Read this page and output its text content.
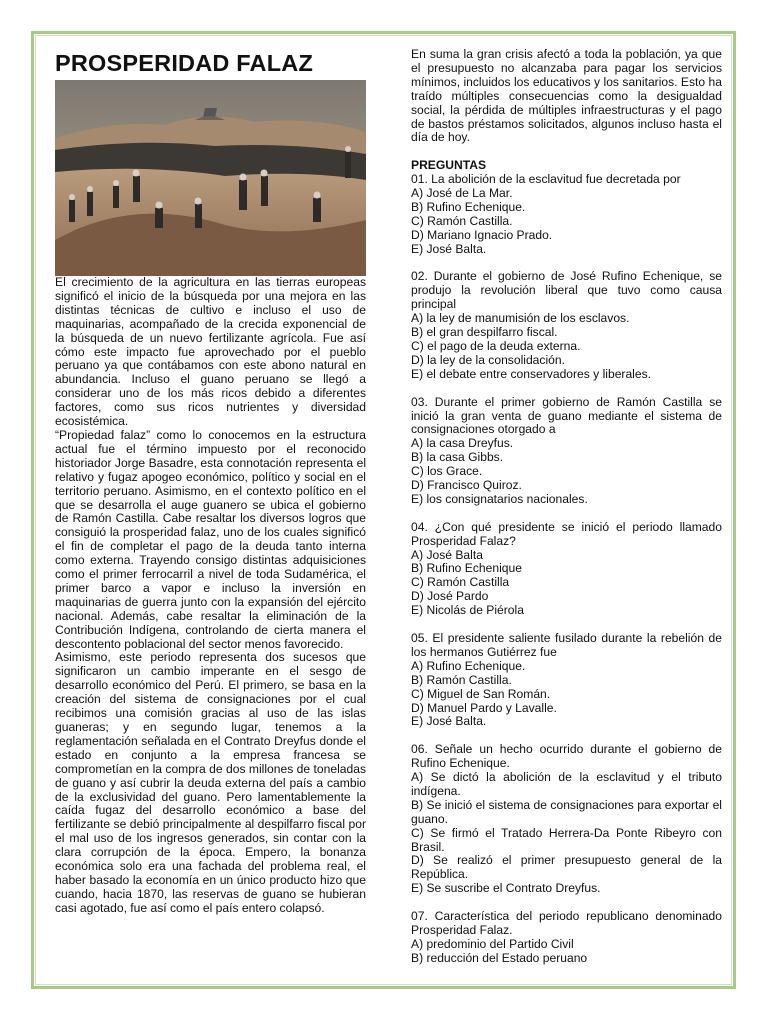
PROSPERIDAD FALAZ

El crecimiento de la agricultura en las tierras europeas significó el inicio de la búsqueda por una mejora en las distintas técnicas de cultivo e incluso el uso de maquinarias, acompañado de la crecida exponencial de la búsqueda de un nuevo fertilizante agrícola. Fue así cómo este impacto fue aprovechado por el pueblo peruano ya que contábamos con este abono natural en abundancia. Incluso el guano peruano se llegó a considerar uno de los más ricos debido a diferentes factores, como sus ricos nutrientes y diversidad ecosistémica.

“Propiedad falaz” como lo conocemos en la estructura actual fue el término impuesto por el reconocido historiador Jorge Basadre, esta connotación representa el relativo y fugaz apogeo económico, político y social en el territorio peruano. Asimismo, en el contexto político en el que se desarrolla el auge guanero se ubica el gobierno de Ramón Castilla. Cabe resaltar los diversos logros que consiguió la prosperidad falaz, uno de los cuales significó el fin de completar el pago de la deuda tanto interna como externa. Trayendo consigo distintas adquisiciones como el primer ferrocarril a nivel de toda Sudamérica, el primer barco a vapor e incluso la inversión en maquinarias de guerra junto con la expansión del ejército nacional. Además, cabe resaltar la eliminación de la Contribución Indígena, controlando de cierta manera el descontento poblacional del sector menos favorecido.

Asimismo, este periodo representa dos sucesos que significaron un cambio imperante en el sesgo de desarrollo económico del Perú. El primero, se basa en la creación del sistema de consignaciones por el cual recibimos una comisión gracias al uso de las islas guaneras; y en segundo lugar, tenemos a la reglamentación señalada en el Contrato Dreyfus donde el estado en conjunto a la empresa francesa se comprometían en la compra de dos millones de toneladas de guano y así cubrir la deuda externa del país a cambio de la exclusividad del guano. Pero lamentablemente la caída fugaz del desarrollo económico a base del fertilizante se debió principalmente al despilfarro fiscal por el mal uso de los ingresos generados, sin contar con la clara corrupción de la época. Empero, la bonanza económica solo era una fachada del problema real, el haber basado la economía en un único producto hizo que cuando, hacia 1870, las reservas de guano se hubieran casi agotado, fue así como el país entero colapsó.

En suma la gran crisis afectó a toda la población, ya que el presupuesto no alcanzaba para pagar los servicios mínimos, incluidos los educativos y los sanitarios. Esto ha traído múltiples consecuencias como la desigualdad social, la pérdida de múltiples infraestructuras y el pago de bastos préstamos solicitados, algunos incluso hasta el día de hoy.

PREGUNTAS

01. La abolición de la esclavitud fue decretada por

A) José de La Mar.

B) Rufino Echenique.

C) Ramón Castilla.

D) Mariano Ignacio Prado.

E) José Balta.

02. Durante el gobierno de José Rufino Echenique, se produjo la revolución liberal que tuvo como causa principal

A) la ley de manumisión de los esclavos.

B) el gran despilfarro fiscal.

C) el pago de la deuda externa.

D) la ley de la consolidación.

E) el debate entre conservadores y liberales.

03. Durante el primer gobierno de Ramón Castilla se inició la gran venta de guano mediante el sistema de consignaciones otorgado a

A) la casa Dreyfus.

B) la casa Gibbs.

C) los Grace.

D) Francisco Quiroz.

E) los consignatarios nacionales.

04. ¿Con qué presidente se inició el periodo llamado Prosperidad Falaz?

A) José Balta

B) Rufino Echenique

C) Ramón Castilla

D) José Pardo

E) Nicolás de Piérola

05. El presidente saliente fusilado durante la rebelión de los hermanos Gutiérrez fue

A) Rufino Echenique.

B) Ramón Castilla.

C) Miguel de San Román.

D) Manuel Pardo y Lavalle.

E) José Balta.

06. Señale un hecho ocurrido durante el gobierno de Rufino Echenique.

A) Se dictó la abolición de la esclavitud y el tributo indígena.

B) Se inició el sistema de consignaciones para exportar el guano.

C) Se firmó el Tratado Herrera-Da Ponte Ribeyro con Brasil.

D) Se realizó el primer presupuesto general de la República.

E) Se suscribe el Contrato Dreyfus.

07. Característica del periodo republicano denominado Prosperidad Falaz.

A) predominio del Partido Civil

B) reducción del Estado peruano
